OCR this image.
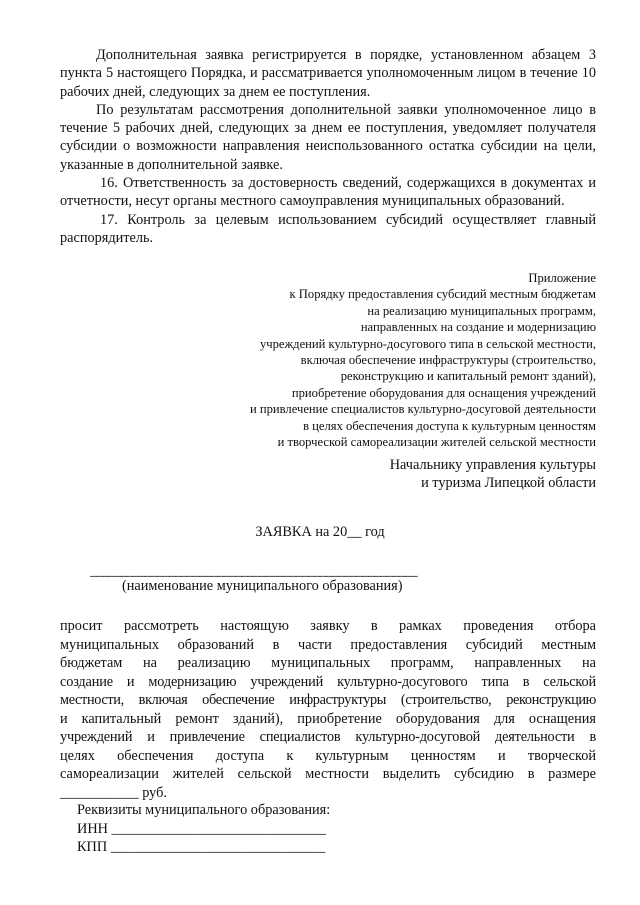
Дополнительная заявка регистрируется в порядке, установленном абзацем 3 пункта 5 настоящего Порядка, и рассматривается уполномоченным лицом в течение 10 рабочих дней, следующих за днем ее поступления.

По результатам рассмотрения дополнительной заявки уполномоченное лицо в течение 5 рабочих дней, следующих за днем ее поступления, уведомляет получателя субсидии о возможности направления неиспользованного остатка субсидии на цели, указанные в дополнительной заявке.

16. Ответственность за достоверность сведений, содержащихся в документах и отчетности, несут органы местного самоуправления муниципальных образований.

17. Контроль за целевым использованием субсидий осуществляет главный распорядитель.

Приложение
к Порядку предоставления субсидий местным бюджетам
на реализацию муниципальных программ,
направленных на создание и модернизацию
учреждений культурно-досугового типа в сельской местности,
включая обеспечение инфраструктуры (строительство,
реконструкцию и капитальный ремонт зданий),
приобретение оборудования для оснащения учреждений
и привлечение специалистов культурно-досуговой деятельности
в целях обеспечения доступа к культурным ценностям
и творческой самореализации жителей сельской местности
Начальнику управления культуры
и туризма Липецкой области
ЗАЯВКА на 20__ год
______________________________________________________
(наименование муниципального образования)
просит рассмотреть настоящую заявку в рамках проведения отбора
муниципальных образований в части предоставления субсидий местным
бюджетам на реализацию муниципальных программ, направленных на
создание и модернизацию учреждений культурно-досугового типа в сельской
местности, включая обеспечение инфраструктуры (строительство, реконструкцию
и капитальный ремонт зданий), приобретение оборудования для оснащения
учреждений и привлечение специалистов культурно-досуговой деятельности в
целях обеспечения доступа к культурным ценностям и творческой
самореализации жителей сельской местности выделить субсидию в размере
___________ руб.
Реквизиты муниципального образования:
ИНН ______________________________
КПП ______________________________
